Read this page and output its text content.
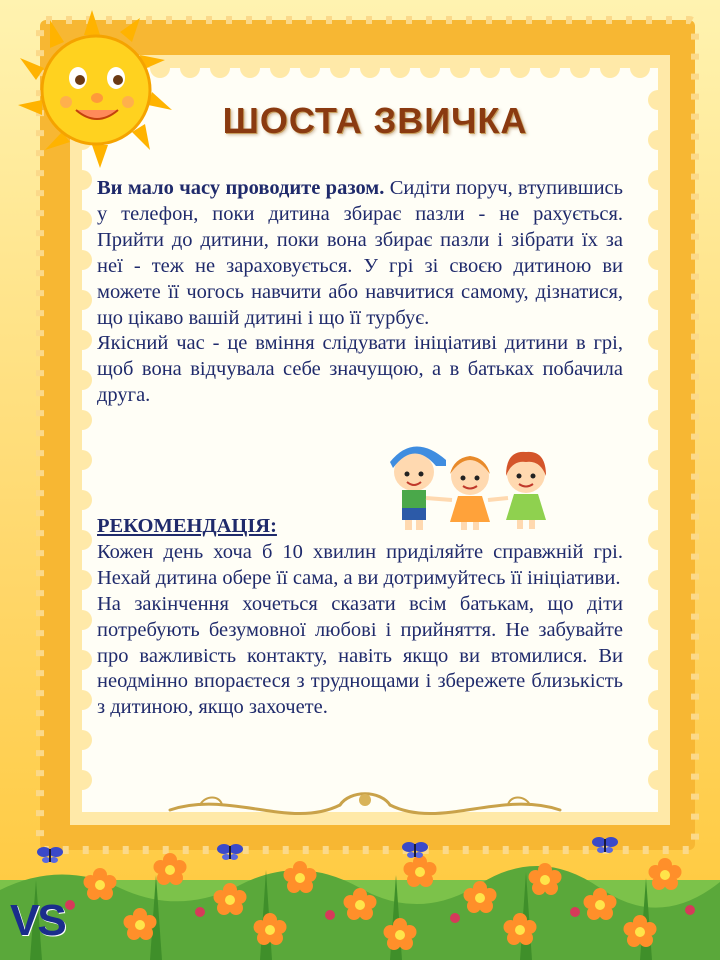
ШОСТА ЗВИЧКА

Ви мало часу проводите разом. Сидіти поруч, втупившись у телефон, поки дитина збирає пазли - не рахується. Прийти до дитини, поки вона збирає пазли і зібрати їх за неї - теж не зараховується. У грі зі своєю дитиною ви можете її чогось навчити або навчитися самому, дізнатися, що цікаво вашій дитині і що її турбує.

Якісний час - це вміння слідувати ініціативі дитини в грі, щоб вона відчувала себе значущою, а в батьках побачила друга.

РЕКОМЕНДАЦІЯ:

Кожен день хоча б 10 хвилин приділяйте справжній грі. Нехай дитина обере її сама, а ви дотримуйтесь її ініціативи.

На закінчення хочеться сказати всім батькам, що діти потребують безумовної любові і прийняття. Не забувайте про важливість контакту, навіть якщо ви втомилися. Ви неодмінно впораєтеся з труднощами і збережете близькість з дитиною, якщо захочете.

VS
